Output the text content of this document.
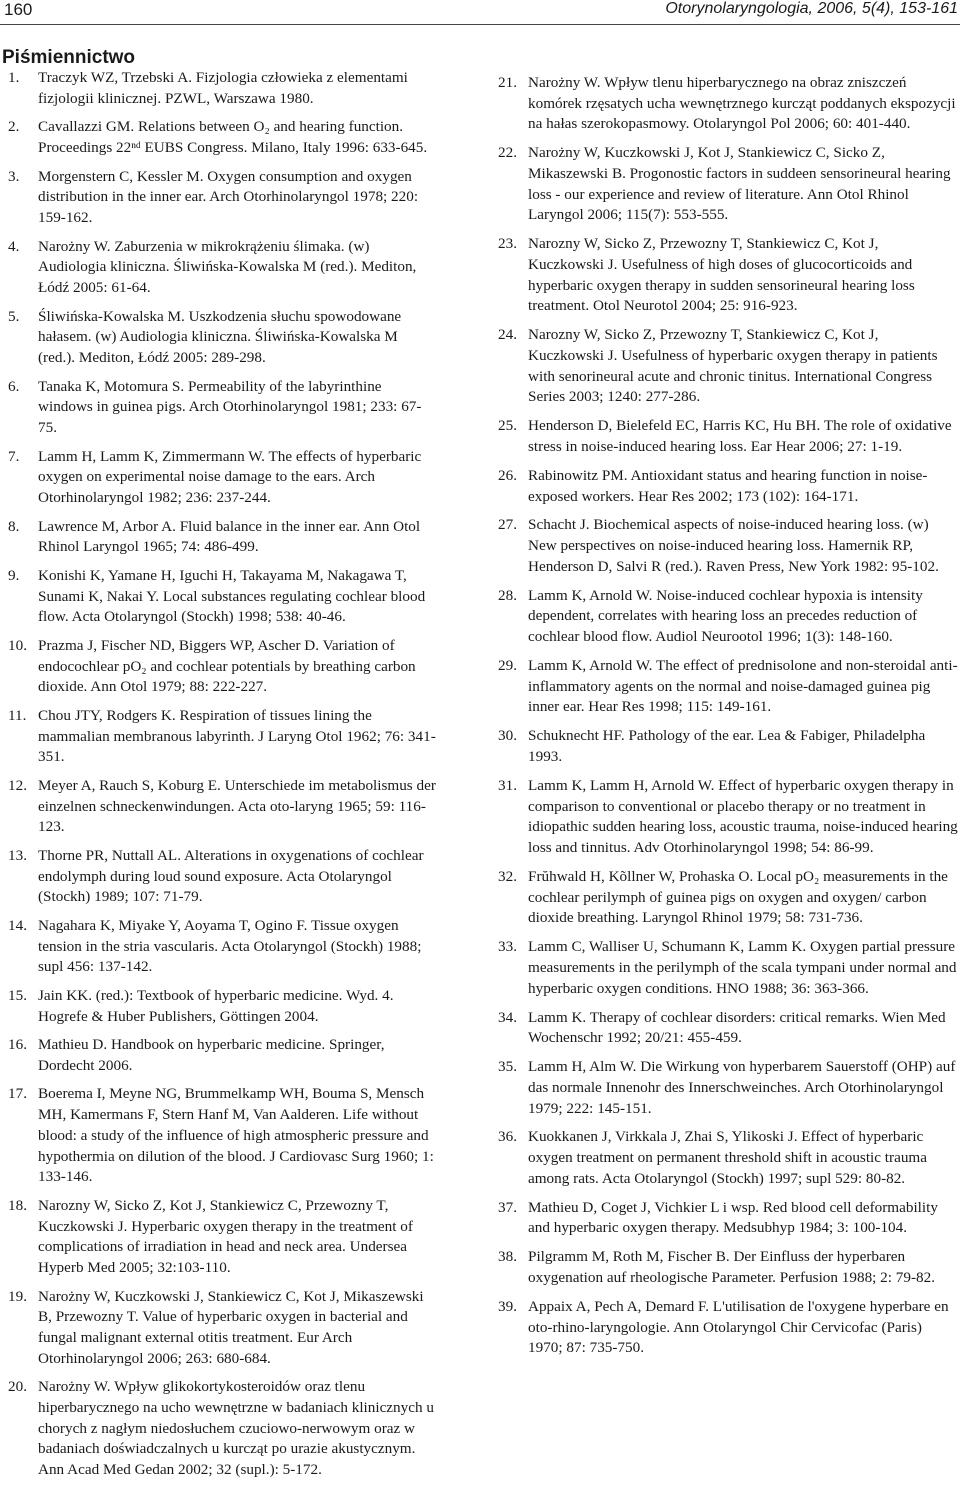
160	Otorynolaryngologia, 2006, 5(4), 153-161
Piśmiennictwo
1. Traczyk WZ, Trzebski A. Fizjologia człowieka z elementami fizjologii klinicznej. PZWL, Warszawa 1980.
2. Cavallazzi GM. Relations between O₂ and hearing function. Proceedings 22ⁿᵈ EUBS Congress. Milano, Italy 1996: 633-645.
3. Morgenstern C, Kessler M. Oxygen consumption and oxygen distribution in the inner ear. Arch Otorhinolaryngol 1978; 220: 159-162.
4. Narożny W. Zaburzenia w mikrokrążeniu ślimaka. (w) Audiologia kliniczna. Śliwińska-Kowalska M (red.). Mediton, Łódź 2005: 61-64.
5. Śliwińska-Kowalska M. Uszkodzenia słuchu spowodowane hałasem. (w) Audiologia kliniczna. Śliwińska-Kowalska M (red.). Mediton, Łódź 2005: 289-298.
6. Tanaka K, Motomura S. Permeability of the labyrinthine windows in guinea pigs. Arch Otorhinolaryngol 1981; 233: 67-75.
7. Lamm H, Lamm K, Zimmermann W. The effects of hyperbaric oxygen on experimental noise damage to the ears. Arch Otorhinolaryngol 1982; 236: 237-244.
8. Lawrence M, Arbor A. Fluid balance in the inner ear. Ann Otol Rhinol Laryngol 1965; 74: 486-499.
9. Konishi K, Yamane H, Iguchi H, Takayama M, Nakagawa T, Sunami K, Nakai Y. Local substances regulating cochlear blood flow. Acta Otolaryngol (Stockh) 1998; 538: 40-46.
10. Prazma J, Fischer ND, Biggers WP, Ascher D. Variation of endocochlear pO₂ and cochlear potentials by breathing carbon dioxide. Ann Otol 1979; 88: 222-227.
11. Chou JTY, Rodgers K. Respiration of tissues lining the mammalian membranous labyrinth. J Laryng Otol 1962; 76: 341-351.
12. Meyer A, Rauch S, Koburg E. Unterschiede im metabolismus der einzelnen schneckenwindungen. Acta oto-laryng 1965; 59: 116-123.
13. Thorne PR, Nuttall AL. Alterations in oxygenations of cochlear endolymph during loud sound exposure. Acta Otolaryngol (Stockh) 1989; 107: 71-79.
14. Nagahara K, Miyake Y, Aoyama T, Ogino F. Tissue oxygen tension in the stria vascularis. Acta Otolaryngol (Stockh) 1988; supl 456: 137-142.
15. Jain KK. (red.): Textbook of hyperbaric medicine. Wyd. 4. Hogrefe & Huber Publishers, Göttingen 2004.
16. Mathieu D. Handbook on hyperbaric medicine. Springer, Dordecht 2006.
17. Boerema I, Meyne NG, Brummelkamp WH, Bouma S, Mensch MH, Kamermans F, Stern Hanf M, Van Aalderen. Life without blood: a study of the influence of high atmospheric pressure and hypothermia on dilution of the blood. J Cardiovasc Surg 1960; 1: 133-146.
18. Narozny W, Sicko Z, Kot J, Stankiewicz C, Przewozny T, Kuczkowski J. Hyperbaric oxygen therapy in the treatment of complications of irradiation in head and neck area. Undersea Hyperb Med 2005; 32:103-110.
19. Narożny W, Kuczkowski J, Stankiewicz C, Kot J, Mikaszewski B, Przewozny T. Value of hyperbaric oxygen in bacterial and fungal malignant external otitis treatment. Eur Arch Otorhinolaryngol 2006; 263: 680-684.
20. Narożny W. Wpływ glikokortykosteroidów oraz tlenu hiperbarycznego na ucho wewnętrzne w badaniach klinicznych u chorych z nagłym niedosłuchem czuciowo-nerwowym oraz w badaniach doświadczalnych u kurcząt po urazie akustycznym. Ann Acad Med Gedan 2002; 32 (supl.): 5-172.
21. Narożny W. Wpływ tlenu hiperbarycznego na obraz zniszczeń komórek rzęsatych ucha wewnętrznego kurcząt poddanych ekspozycji na hałas szerokopasmowy. Otolaryngol Pol 2006; 60: 401-440.
22. Narożny W, Kuczkowski J, Kot J, Stankiewicz C, Sicko Z, Mikaszewski B. Progonostic factors in suddeen sensorineural hearing loss - our experience and review of literature. Ann Otol Rhinol Laryngol 2006; 115(7): 553-555.
23. Narozny W, Sicko Z, Przewozny T, Stankiewicz C, Kot J, Kuczkowski J. Usefulness of high doses of glucocorticoids and hyperbaric oxygen therapy in sudden sensorineural hearing loss treatment. Otol Neurotol 2004; 25: 916-923.
24. Narozny W, Sicko Z, Przewozny T, Stankiewicz C, Kot J, Kuczkowski J. Usefulness of hyperbaric oxygen therapy in patients with senorineural acute and chronic tinitus. International Congress Series 2003; 1240: 277-286.
25. Henderson D, Bielefeld EC, Harris KC, Hu BH. The role of oxidative stress in noise-induced hearing loss. Ear Hear 2006; 27: 1-19.
26. Rabinowitz PM. Antioxidant status and hearing function in noise-exposed workers. Hear Res 2002; 173 (102): 164-171.
27. Schacht J. Biochemical aspects of noise-induced hearing loss. (w) New perspectives on noise-induced hearing loss. Hamernik RP, Henderson D, Salvi R (red.). Raven Press, New York 1982: 95-102.
28. Lamm K, Arnold W. Noise-induced cochlear hypoxia is intensity dependent, correlates with hearing loss an precedes reduction of cochlear blood flow. Audiol Neurootol 1996; 1(3): 148-160.
29. Lamm K, Arnold W. The effect of prednisolone and non-steroidal anti-inflammatory agents on the normal and noise-damaged guinea pig inner ear. Hear Res 1998; 115: 149-161.
30. Schuknecht HF. Pathology of the ear. Lea & Fabiger, Philadelpha 1993.
31. Lamm K, Lamm H, Arnold W. Effect of hyperbaric oxygen therapy in comparison to conventional or placebo therapy or no treatment in idiopathic sudden hearing loss, acoustic trauma, noise-induced hearing loss and tinnitus. Adv Otorhinolaryngol 1998; 54: 86-99.
32. Frŭhwald H, Kõllner W, Prohaska O. Local pO₂ measurements in the cochlear perilymph of guinea pigs on oxygen and oxygen/ carbon dioxide breathing. Laryngol Rhinol 1979; 58: 731-736.
33. Lamm C, Walliser U, Schumann K, Lamm K. Oxygen partial pressure measurements in the perilymph of the scala tympani under normal and hyperbaric oxygen conditions. HNO 1988; 36: 363-366.
34. Lamm K. Therapy of cochlear disorders: critical remarks. Wien Med Wochenschr 1992; 20/21: 455-459.
35. Lamm H, Alm W. Die Wirkung von hyperbarem Sauerstoff (OHP) auf das normale Innenohr des Innerschweinches. Arch Otorhinolaryngol 1979; 222: 145-151.
36. Kuokkanen J, Virkkala J, Zhai S, Ylikoski J. Effect of hyperbaric oxygen treatment on permanent threshold shift in acoustic trauma among rats. Acta Otolaryngol (Stockh) 1997; supl 529: 80-82.
37. Mathieu D, Coget J, Vichkier L i wsp. Red blood cell deformability and hyperbaric oxygen therapy. Medsubhyp 1984; 3: 100-104.
38. Pilgramm M, Roth M, Fischer B. Der Einfluss der hyperbaren oxygenation auf rheologische Parameter. Perfusion 1988; 2: 79-82.
39. Appaix A, Pech A, Demard F. L'utilisation de l'oxygene hyperbare en oto-rhino-laryngologie. Ann Otolaryngol Chir Cervicofac (Paris) 1970; 87: 735-750.
